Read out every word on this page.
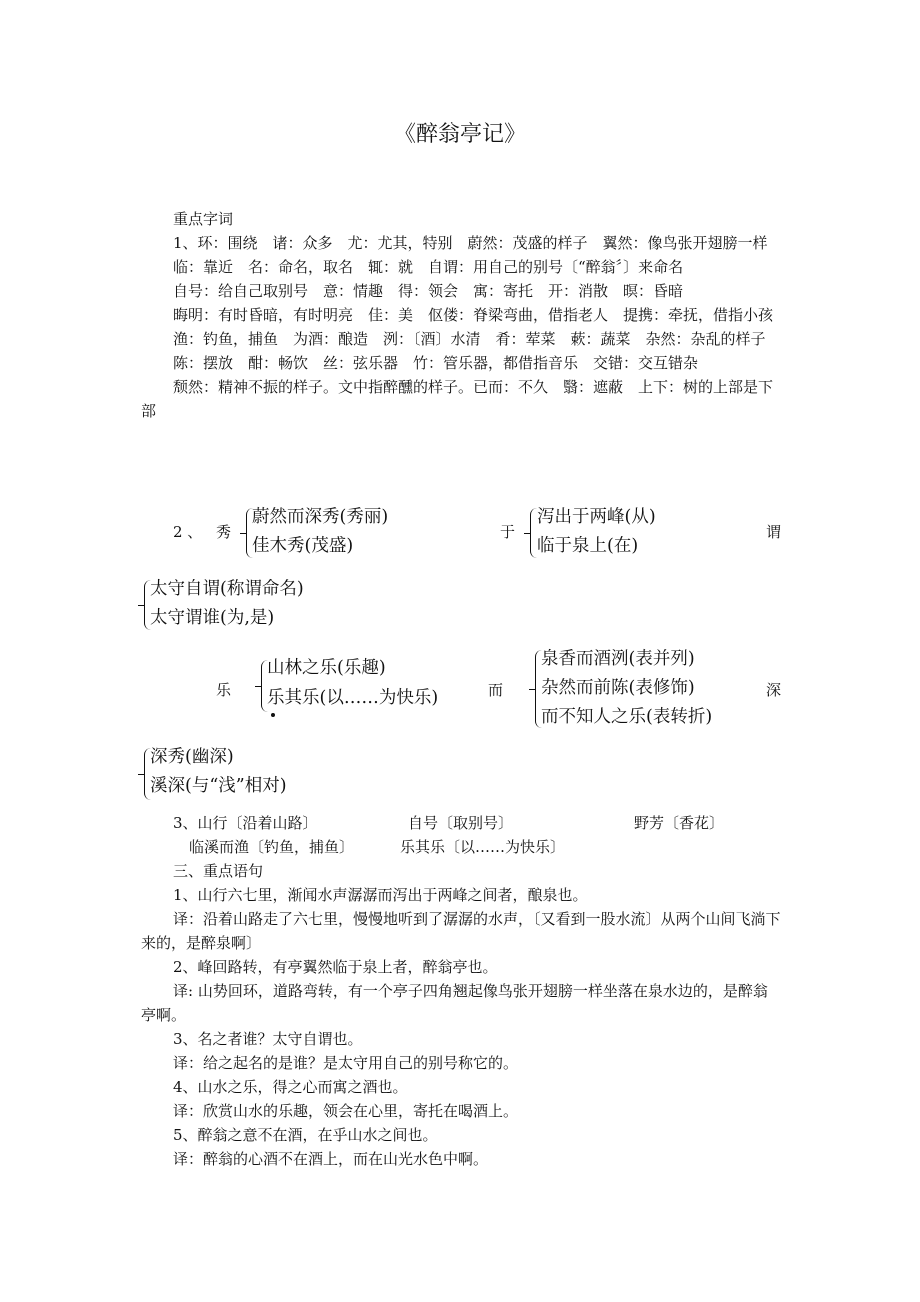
《醉翁亭记》

重点字词

1、环：围绕　诸：众多　尤：尤其，特别　蔚然：茂盛的样子　翼然：像鸟张开翅膀一样

临：靠近　名：命名，取名　辄：就　自谓：用自己的别号〔“醉翁〞〕来命名

自号：给自己取别号　意：情趣　得：领会　寓：寄托　开：消散　暝：昏暗

晦明：有时昏暗，有时明亮　佳：美　伛偻：脊梁弯曲，借指老人　提携：牵抚，借指小孩

渔：钓鱼，捕鱼　为酒：酿造　洌：〔酒〕水清　肴：荤菜　蔌：蔬菜　杂然：杂乱的样子

陈：摆放　酣：畅饮　丝：弦乐器　竹：管乐器，都借指音乐　交错：交互错杂

颓然：精神不振的样子。文中指醉醺的样子。已而：不久　翳：遮蔽　上下：树的上部是下部

2 、 秀
蔚然而深秀(秀丽)
佳木秀(茂盛)
于
泻出于两峰(从)
临于泉上(在)
谓
太守自谓(称谓命名)
太守谓谁(为,是)
乐
山林之乐(乐趣)
乐其乐(以……为快乐)	而
泉香而酒洌(表并列)
杂然而前陈(表修饰)
而不知人之乐(表转折)
深
深秀(幽深)
溪深(与“浅”相对)
3、山行〔沿着山路〕	自号〔取别号〕	野芳〔香花〕
临溪而渔〔钓鱼，捕鱼〕	乐其乐〔以……为快乐〕

三、重点语句

1、山行六七里，渐闻水声潺潺而泻出于两峰之间者，酿泉也。

译：沿着山路走了六七里，慢慢地听到了潺潺的水声，〔又看到一股水流〕从两个山间飞淌下来的，是醉泉啊〕

2、峰回路转，有亭翼然临于泉上者，醉翁亭也。

译: 山势回环，道路弯转，有一个亭子四角翘起像鸟张开翅膀一样坐落在泉水边的，是醉翁亭啊。

3、名之者谁？太守自谓也。

译：给之起名的是谁？是太守用自己的别号称它的。

4、山水之乐，得之心而寓之酒也。

译：欣赏山水的乐趣，领会在心里，寄托在喝酒上。

5、醉翁之意不在酒，在乎山水之间也。

译：醉翁的心酒不在酒上，而在山光水色中啊。
